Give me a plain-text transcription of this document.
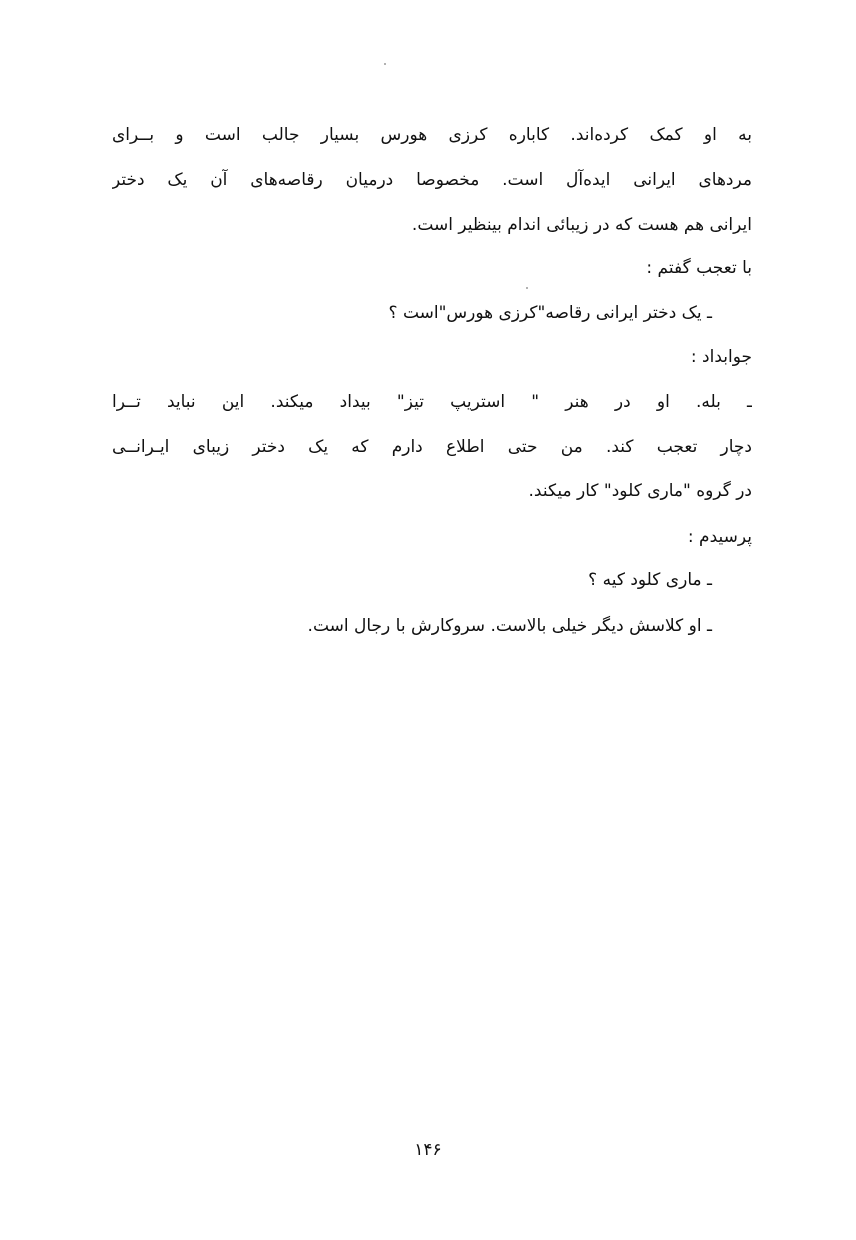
به او کمک کرده‌اند. کاباره کرزی هورس بسیار جالب است و بــرای
مردهای ایرانی ایده‌آل است. مخصوصا درمیان رقاصه‌های آن یک دختر
ایرانی هم هست که در زیبائی اندام بینظیر است.
با تعجب گفتم :
ـ یک دختر ایرانی رقاصه"کرزی هورس"است ؟
جوابداد :
ـ بله. او در هنر " استریپ تیز" بیداد میکند. این نباید تــرا
دچار تعجب کند. من حتی اطلاع دارم که یک دختر زیبای ایـرانــی
در گروه "ماری کلود" کار میکند.
پرسیدم :
ـ ماری کلود کیه ؟
ـ او کلاسش دیگر خیلی بالاست. سروکارش با رجال است.
۱۴۶
